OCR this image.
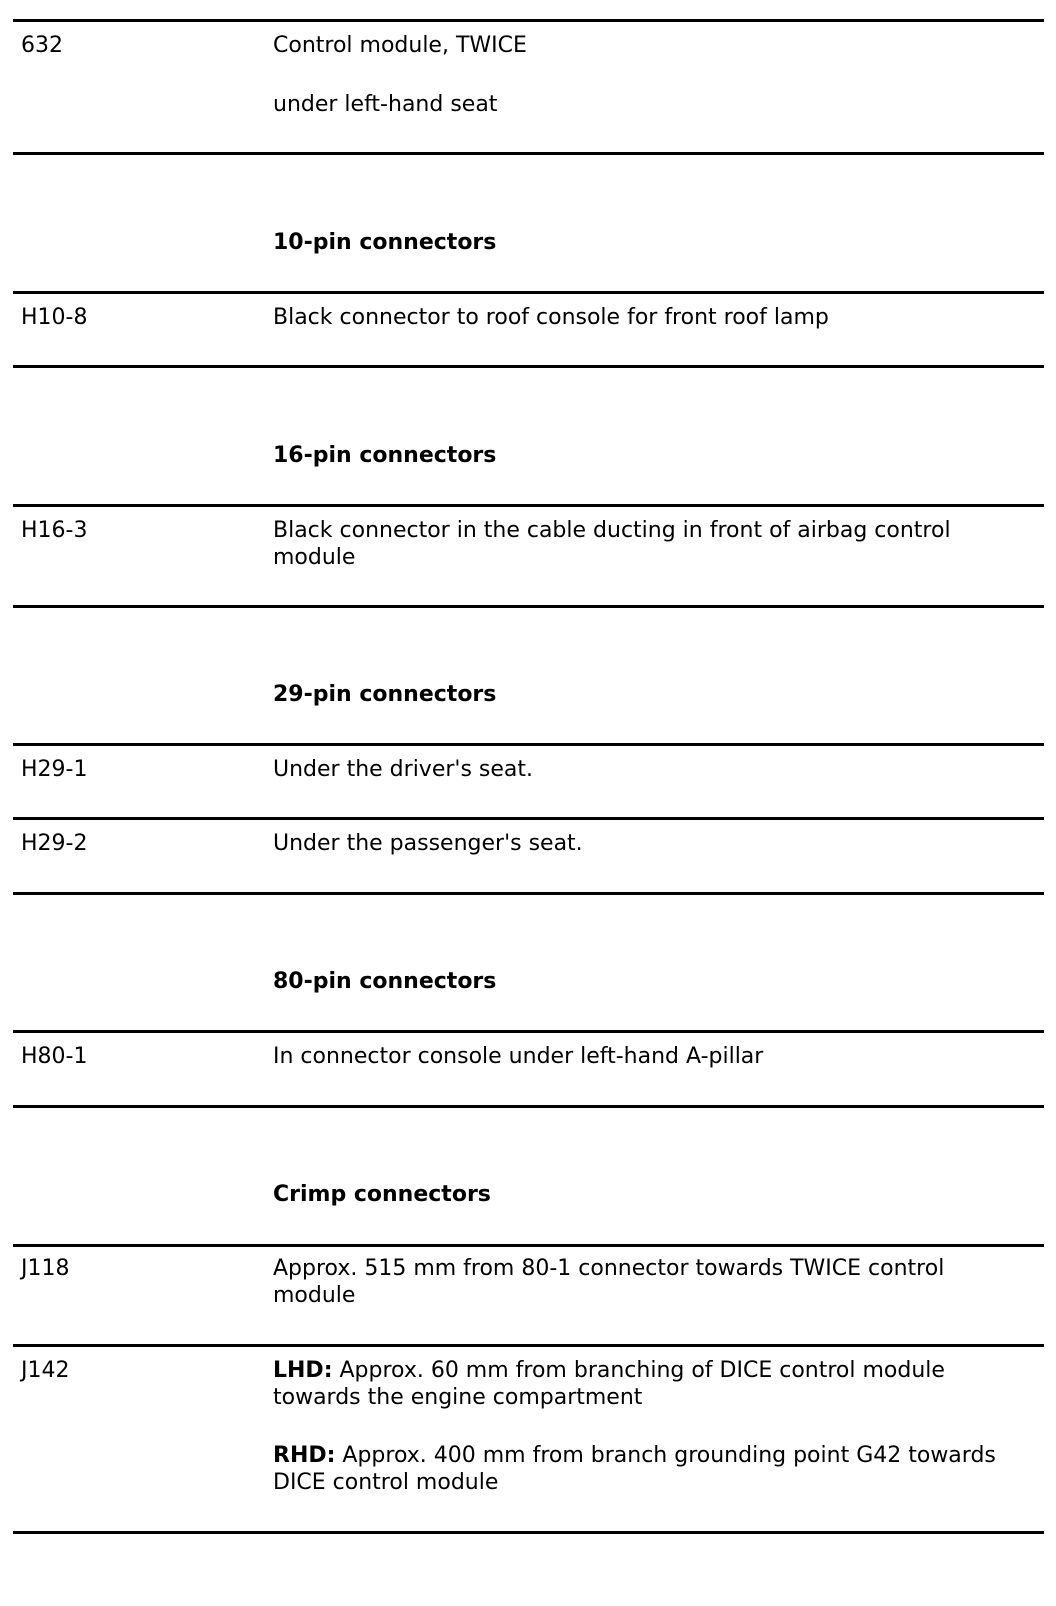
632	Control module, TWICE
under left-hand seat
10-pin connectors
H10-8	Black connector to roof console for front roof lamp
16-pin connectors
H16-3	Black connector in the cable ducting in front of airbag control module
29-pin connectors
H29-1	Under the driver's seat.
H29-2	Under the passenger's seat.
80-pin connectors
H80-1	In connector console under left-hand A-pillar
Crimp connectors
J118	Approx. 515 mm from 80-1 connector towards TWICE control module
J142	LHD: Approx. 60 mm from branching of DICE control module towards the engine compartment
RHD: Approx. 400 mm from branch grounding point G42 towards DICE control module
